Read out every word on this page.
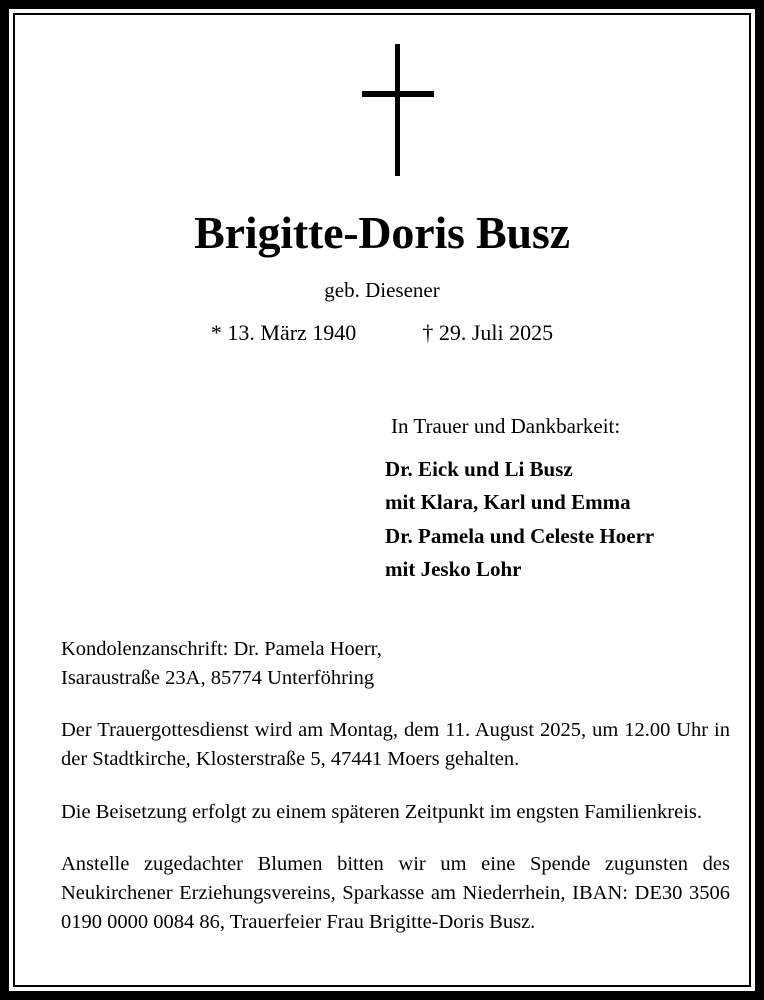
Brigitte-Doris Busz
geb. Diesener
* 13. März 1940	† 29. Juli 2025
In Trauer und Dankbarkeit:
Dr. Eick und Li Busz
mit Klara, Karl und Emma
Dr. Pamela und Celeste Hoerr
mit Jesko Lohr

Kondolenzanschrift: Dr. Pamela Hoerr,
Isaraustraße 23A, 85774 Unterföhring

Der Trauergottesdienst wird am Montag, dem 11. August 2025, um 12.00 Uhr in der Stadtkirche, Klosterstraße 5, 47441 Moers gehalten.

Die Beisetzung erfolgt zu einem späteren Zeitpunkt im engsten Familienkreis.

Anstelle zugedachter Blumen bitten wir um eine Spende zugunsten des Neukirchener Erziehungsvereins, Sparkasse am Niederrhein, IBAN: DE30 3506 0190 0000 0084 86, Trauerfeier Frau Brigitte-Doris Busz.
